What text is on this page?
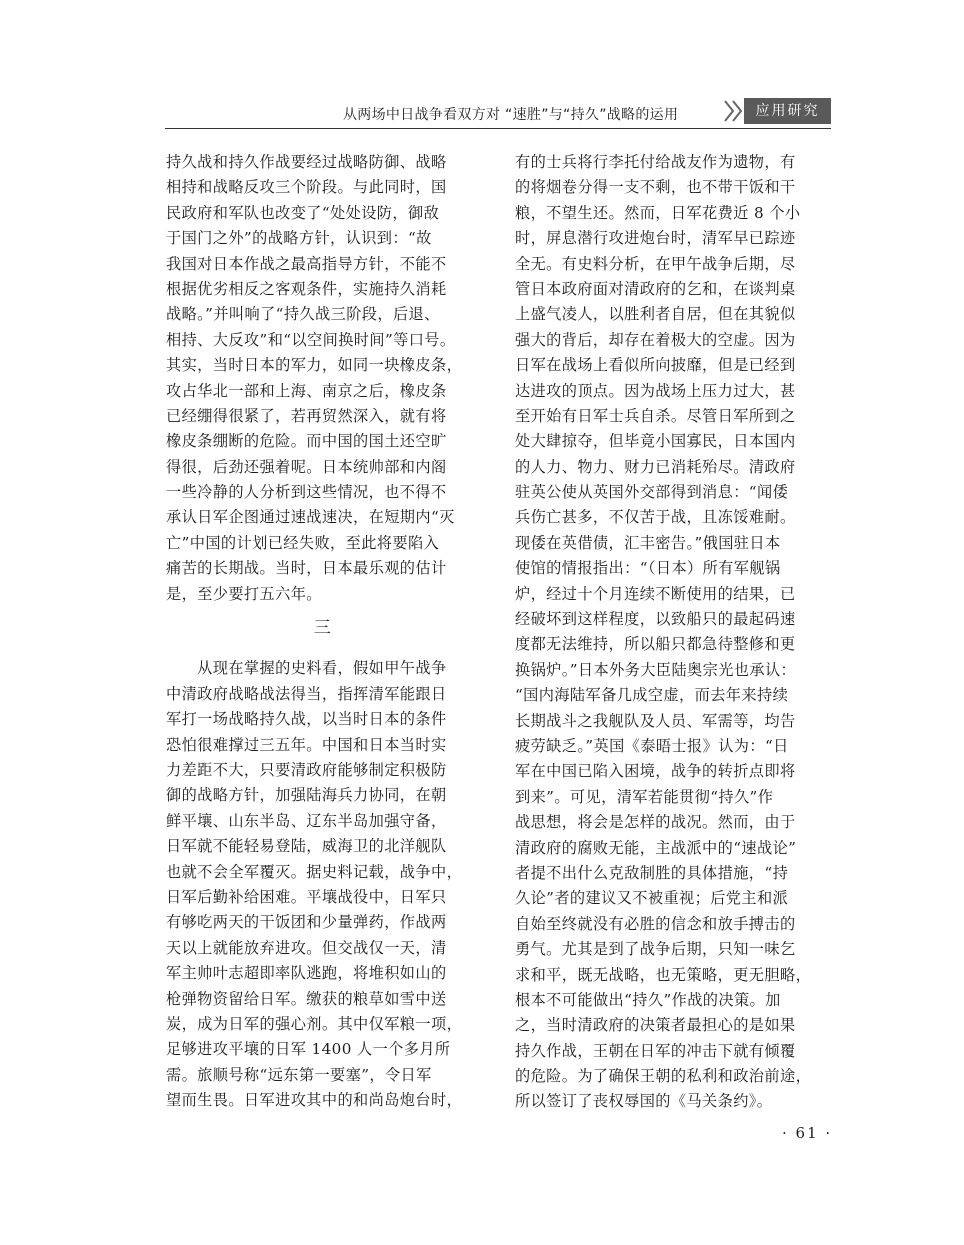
从两场中日战争看双方对 “速胜”与“持久”战略的运用	应用研究
持久战和持久作战要经过战略防御、战略
相持和战略反攻三个阶段。与此同时，国
民政府和军队也改变了“处处设防，御敌
于国门之外”的战略方针，认识到：“故
我国对日本作战之最高指导方针，不能不
根据优劣相反之客观条件，实施持久消耗
战略。”并叫响了“持久战三阶段，后退、
相持、大反攻”和“以空间换时间”等口号。
其实，当时日本的军力，如同一块橡皮条，
攻占华北一部和上海、南京之后，橡皮条
已经绷得很紧了，若再贸然深入，就有将
橡皮条绷断的危险。而中国的国土还空旷
得很，后劲还强着呢。日本统帅部和内阁
一些冷静的人分析到这些情况，也不得不
承认日军企图通过速战速决，在短期内“灭
亡”中国的计划已经失败，至此将要陷入
痛苦的长期战。当时，日本最乐观的估计
是，至少要打五六年。
三
　　从现在掌握的史料看，假如甲午战争
中清政府战略战法得当，指挥清军能跟日
军打一场战略持久战，以当时日本的条件
恐怕很难撑过三五年。中国和日本当时实
力差距不大，只要清政府能够制定积极防
御的战略方针，加强陆海兵力协同，在朝
鲜平壤、山东半岛、辽东半岛加强守备，
日军就不能轻易登陆，威海卫的北洋舰队
也就不会全军覆灭。据史料记载，战争中，
日军后勤补给困难。平壤战役中，日军只
有够吃两天的干饭团和少量弹药，作战两
天以上就能放弃进攻。但交战仅一天，清
军主帅叶志超即率队逃跑，将堆积如山的
枪弹物资留给日军。缴获的粮草如雪中送
炭，成为日军的强心剂。其中仅军粮一项，
足够进攻平壤的日军 1400 人一个多月所
需。旅顺号称“远东第一要塞”，令日军
望而生畏。日军进攻其中的和尚岛炮台时，
有的士兵将行李托付给战友作为遗物，有
的将烟卷分得一支不剩，也不带干饭和干
粮，不望生还。然而，日军花费近 8 个小
时，屏息潜行攻进炮台时，清军早已踪迹
全无。有史料分析，在甲午战争后期，尽
管日本政府面对清政府的乞和，在谈判桌
上盛气凌人，以胜利者自居，但在其貌似
强大的背后，却存在着极大的空虚。因为
日军在战场上看似所向披靡，但是已经到
达进攻的顶点。因为战场上压力过大，甚
至开始有日军士兵自杀。尽管日军所到之
处大肆掠夺，但毕竟小国寡民，日本国内
的人力、物力、财力已消耗殆尽。清政府
驻英公使从英国外交部得到消息：“闻倭
兵伤亡甚多，不仅苦于战，且冻馁难耐。
现倭在英借债，汇丰密告。”俄国驻日本
使馆的情报指出：“（日本）所有军舰锅
炉，经过十个月连续不断使用的结果，已
经破坏到这样程度，以致船只的最起码速
度都无法维持，所以船只都急待整修和更
换锅炉。”日本外务大臣陆奥宗光也承认：
“国内海陆军备几成空虚，而去年来持续
长期战斗之我舰队及人员、军需等，均告
疲劳缺乏。”英国《泰晤士报》认为：“日
军在中国已陷入困境，战争的转折点即将
到来”。可见，清军若能贯彻“持久”作
战思想，将会是怎样的战况。然而，由于
清政府的腐败无能，主战派中的“速战论”
者提不出什么克敌制胜的具体措施，“持
久论”者的建议又不被重视；后党主和派
自始至终就没有必胜的信念和放手搏击的
勇气。尤其是到了战争后期，只知一味乞
求和平，既无战略，也无策略，更无胆略，
根本不可能做出“持久”作战的决策。加
之，当时清政府的决策者最担心的是如果
持久作战，王朝在日军的冲击下就有倾覆
的危险。为了确保王朝的私利和政治前途，
所以签订了丧权辱国的《马关条约》。
· 61 ·
